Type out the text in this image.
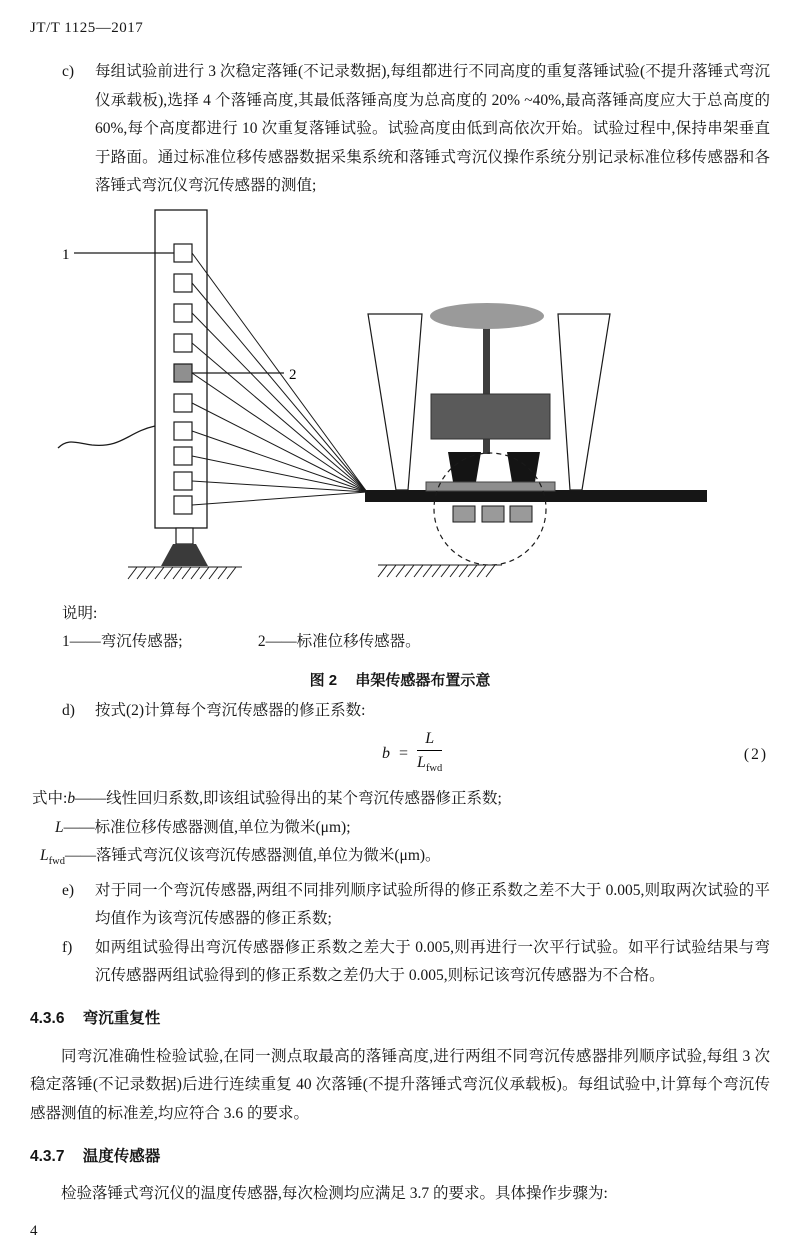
JT/T 1125—2017
c) 每组试验前进行 3 次稳定落锤(不记录数据),每组都进行不同高度的重复落锤试验(不提升落锤式弯沉仪承载板),选择 4 个落锤高度,其最低落锤高度为总高度的 20% ~40%,最高落锤高度应大于总高度的 60%,每个高度都进行 10 次重复落锤试验。试验高度由低到高依次开始。试验过程中,保持串架垂直于路面。通过标准位移传感器数据采集系统和落锤式弯沉仪操作系统分别记录标准位移传感器和各落锤式弯沉仪弯沉传感器的测值;
1
2
说明:
1——弯沉传感器;	2——标准位移传感器。
图 2 串架传感器布置示意
d) 按式(2)计算每个弯沉传感器的修正系数:
$b = \frac{L}{L_{fwd}}$	(2)
式中:b——线性回归系数,即该组试验得出的某个弯沉传感器修正系数;
L——标准位移传感器测值,单位为微米(μm);
$L_{fwd}——$落锤式弯沉仪该弯沉传感器测值,单位为微米(μm)。
e) 对于同一个弯沉传感器,两组不同排列顺序试验所得的修正系数之差不大于 0.005,则取两次试验的平均值作为该弯沉传感器的修正系数;
f) 如两组试验得出弯沉传感器修正系数之差大于 0.005,则再进行一次平行试验。如平行试验结果与弯沉传感器两组试验得到的修正系数之差仍大于 0.005,则标记该弯沉传感器为不合格。
4.3.6 弯沉重复性
同弯沉准确性检验试验,在同一测点取最高的落锤高度,进行两组不同弯沉传感器排列顺序试验,每组 3 次稳定落锤(不记录数据)后进行连续重复 40 次落锤(不提升落锤式弯沉仪承载板)。每组试验中,计算每个弯沉传感器测值的标准差,均应符合 3.6 的要求。
4.3.7 温度传感器
检验落锤式弯沉仪的温度传感器,每次检测均应满足 3.7 的要求。具体操作步骤为:
4
